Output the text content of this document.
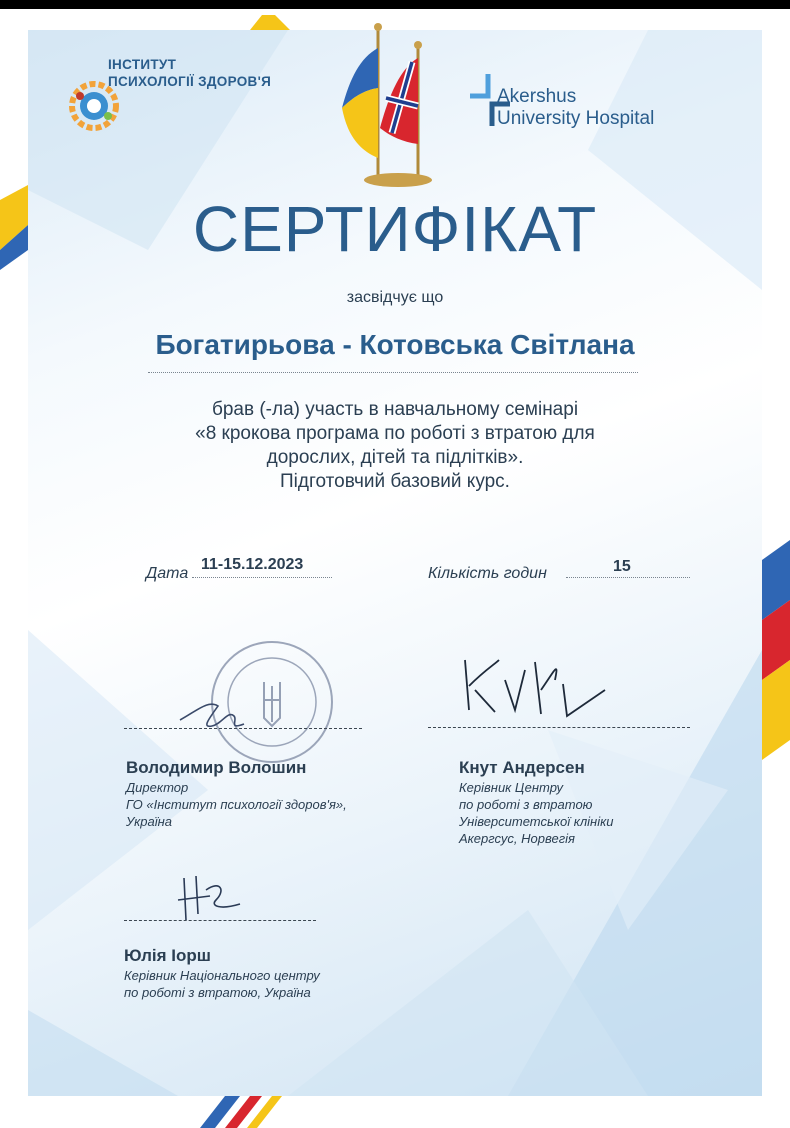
ІНСТИТУТ
ПСИХОЛОГІЇ ЗДОРОВ'Я
Akershus
University Hospital
СЕРТИФІКАТ
засвідчує що
Богатирьова - Котовська Світлана
брав (-ла) участь в навчальному семінарі
«8 крокова програма по роботі з втратою для
дорослих, дітей та підлітків».
Підготовчий базовий курс.
Дата
11-15.12.2023
Кількість годин	15
Володимир Волошин
Директор
ГО «Інститут психології здоров'я»,
Україна
Кнут Андерсен
Керівник Центру
по роботі з втратою
Університетської клініки
Акергсус, Норвегія
Юлія Іорш
Керівник Національного центру
по роботі з втратою, Україна
